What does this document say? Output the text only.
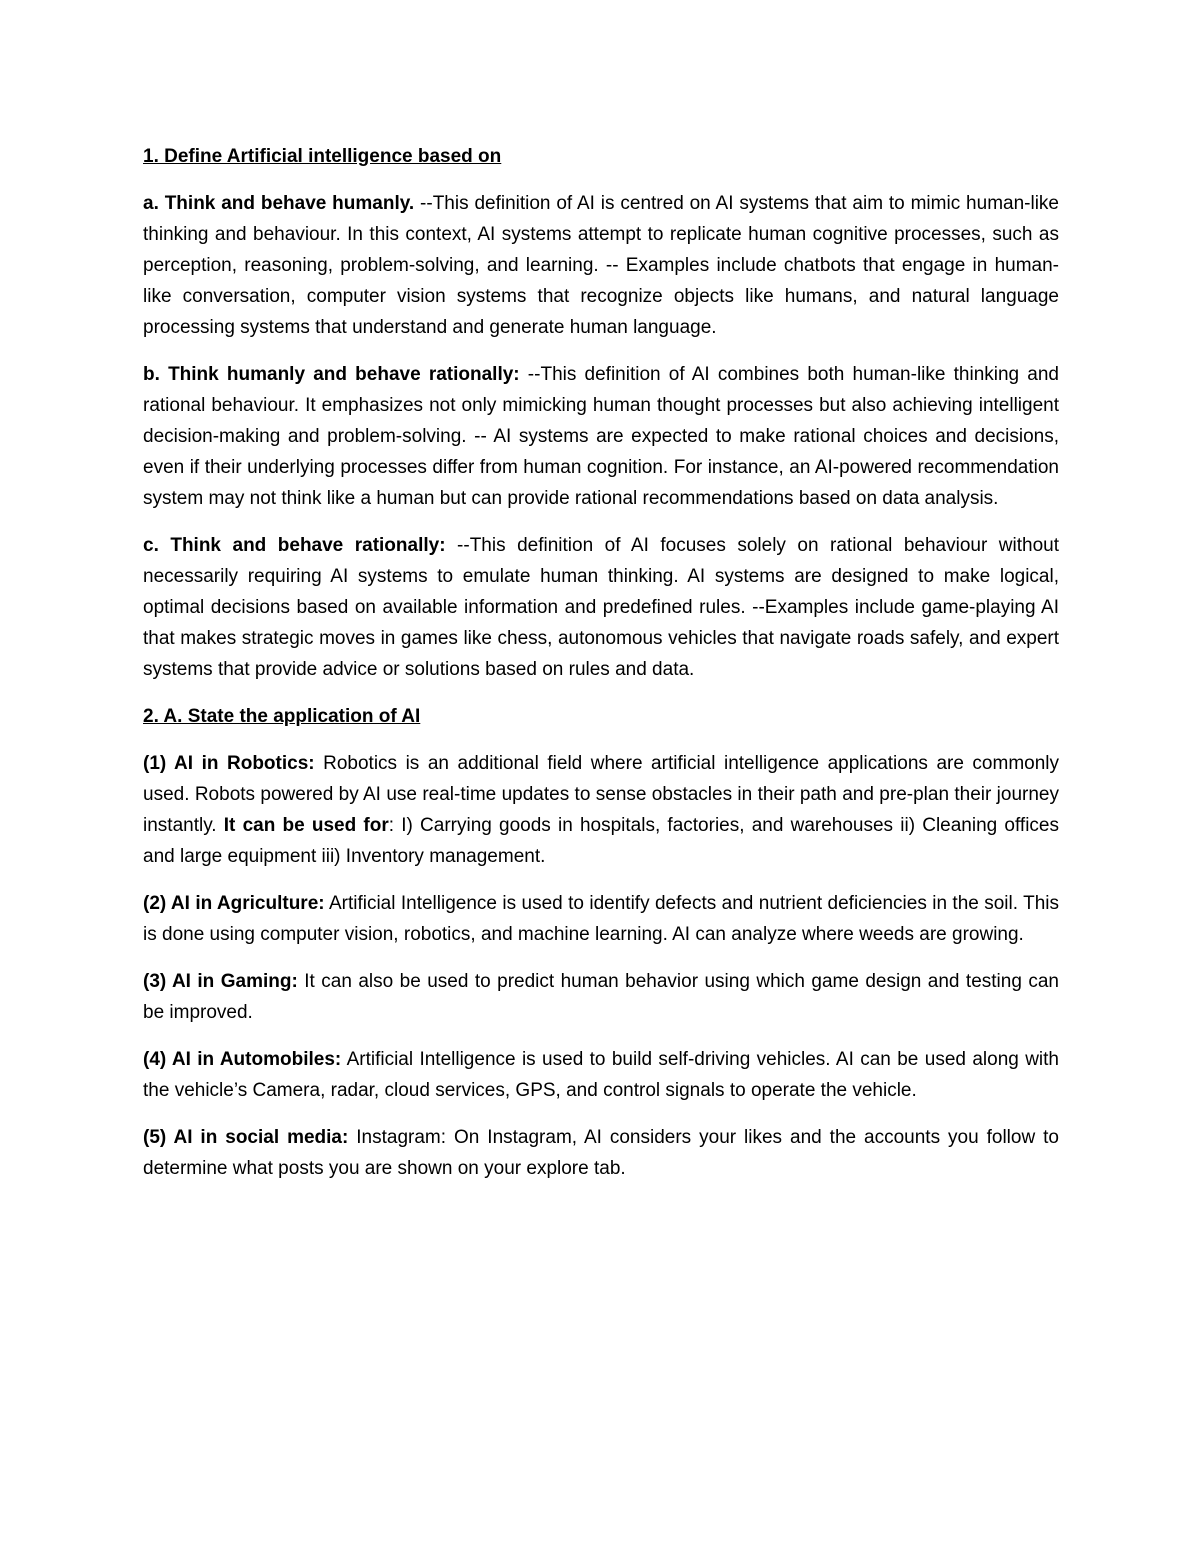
1. Define Artificial intelligence based on

a. Think and behave humanly. --This definition of AI is centred on AI systems that aim to mimic human-like thinking and behaviour. In this context, AI systems attempt to replicate human cognitive processes, such as perception, reasoning, problem-solving, and learning. -- Examples include chatbots that engage in human-like conversation, computer vision systems that recognize objects like humans, and natural language processing systems that understand and generate human language.

b. Think humanly and behave rationally: --This definition of AI combines both human-like thinking and rational behaviour. It emphasizes not only mimicking human thought processes but also achieving intelligent decision-making and problem-solving. -- AI systems are expected to make rational choices and decisions, even if their underlying processes differ from human cognition. For instance, an AI-powered recommendation system may not think like a human but can provide rational recommendations based on data analysis.

c. Think and behave rationally: --This definition of AI focuses solely on rational behaviour without necessarily requiring AI systems to emulate human thinking. AI systems are designed to make logical, optimal decisions based on available information and predefined rules. --Examples include game-playing AI that makes strategic moves in games like chess, autonomous vehicles that navigate roads safely, and expert systems that provide advice or solutions based on rules and data.

2. A. State the application of AI

(1) AI in Robotics: Robotics is an additional field where artificial intelligence applications are commonly used. Robots powered by AI use real-time updates to sense obstacles in their path and pre-plan their journey instantly. It can be used for: I) Carrying goods in hospitals, factories, and warehouses ii) Cleaning offices and large equipment iii) Inventory management.

(2) AI in Agriculture: Artificial Intelligence is used to identify defects and nutrient deficiencies in the soil. This is done using computer vision, robotics, and machine learning. AI can analyze where weeds are growing.

(3) AI in Gaming: It can also be used to predict human behavior using which game design and testing can be improved.

(4) AI in Automobiles: Artificial Intelligence is used to build self-driving vehicles. AI can be used along with the vehicle’s Camera, radar, cloud services, GPS, and control signals to operate the vehicle.

(5) AI in social media: Instagram: On Instagram, AI considers your likes and the accounts you follow to determine what posts you are shown on your explore tab.
